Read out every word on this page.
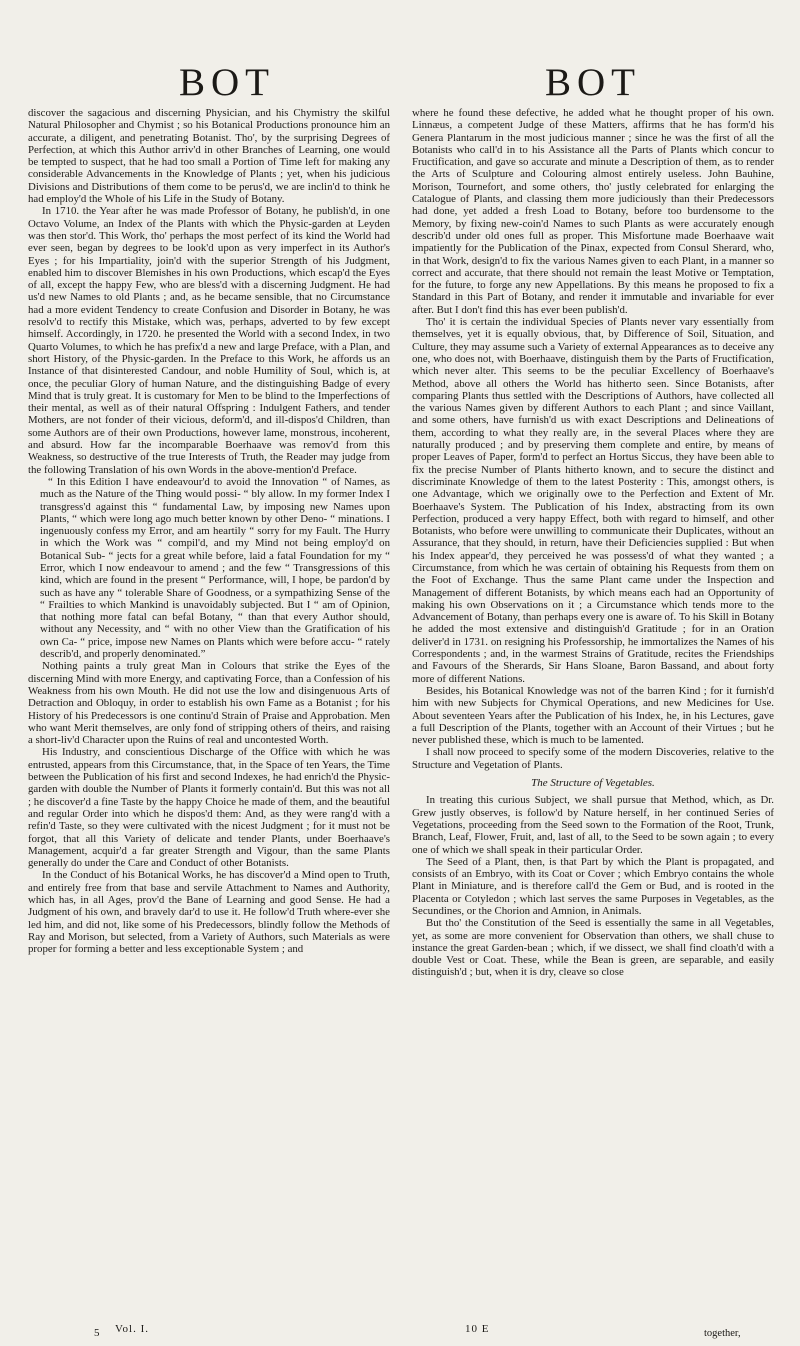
BOT	BOT

discover the sagacious and discerning Physician, and his Chymistry the skilful Natural Philosopher and Chymist ; so his Botanical Productions pronounce him an accurate, a diligent, and penetrating Botanist. Tho', by the surprising Degrees of Perfection, at which this Author arriv'd in other Branches of Learning, one would be tempted to suspect, that he had too small a Portion of Time left for making any considerable Advancements in the Knowledge of Plants ; yet, when his judicious Divisions and Distributions of them come to be perus'd, we are inclin'd to think he had employ'd the Whole of his Life in the Study of Botany.

In 1710. the Year after he was made Professor of Botany, he publish'd, in one Octavo Volume, an Index of the Plants with which the Physic-garden at Leyden was then stor'd. This Work, tho' perhaps the most perfect of its kind the World had ever seen, began by degrees to be look'd upon as very imperfect in its Author's Eyes ; for his Impartiality, join'd with the superior Strength of his Judgment, enabled him to discover Blemishes in his own Productions, which escap'd the Eyes of all, except the happy Few, who are bless'd with a discerning Judgment. He had us'd new Names to old Plants ; and, as he became sensible, that no Circumstance had a more evident Tendency to create Confusion and Disorder in Botany, he was resolv'd to rectify this Mistake, which was, perhaps, adverted to by few except himself. Accordingly, in 1720. he presented the World with a second Index, in two Quarto Volumes, to which he has prefix'd a new and large Preface, with a Plan, and short History, of the Physic-garden. In the Preface to this Work, he affords us an Instance of that disinterested Candour, and noble Humility of Soul, which is, at once, the peculiar Glory of human Nature, and the distinguishing Badge of every Mind that is truly great. It is customary for Men to be blind to the Imperfections of their mental, as well as of their natural Offspring : Indulgent Fathers, and tender Mothers, are not fonder of their vicious, deform'd, and ill-dispos'd Children, than some Authors are of their own Productions, however lame, monstrous, incoherent, and absurd. How far the incomparable Boerhaave was remov'd from this Weakness, so destructive of the true Interests of Truth, the Reader may judge from the following Translation of his own Words in the above-mention'd Preface.

“ In this Edition I have endeavour'd to avoid the Innovation “ of Names, as much as the Nature of the Thing would possi- “ bly allow. In my former Index I transgress'd against this “ fundamental Law, by imposing new Names upon Plants, “ which were long ago much better known by other Deno- “ minations. I ingenuously confess my Error, and am heartily “ sorry for my Fault. The Hurry in which the Work was “ compil'd, and my Mind not being employ'd on Botanical Sub- “ jects for a great while before, laid a fatal Foundation for my “ Error, which I now endeavour to amend ; and the few “ Transgressions of this kind, which are found in the present “ Performance, will, I hope, be pardon'd by such as have any “ tolerable Share of Goodness, or a sympathizing Sense of the “ Frailties to which Mankind is unavoidably subjected. But I “ am of Opinion, that nothing more fatal can befal Botany, “ than that every Author should, without any Necessity, and “ with no other View than the Gratification of his own Ca- “ price, impose new Names on Plants which were before accu- “ rately describ'd, and properly denominated.”

Nothing paints a truly great Man in Colours that strike the Eyes of the discerning Mind with more Energy, and captivating Force, than a Confession of his Weakness from his own Mouth. He did not use the low and disingenuous Arts of Detraction and Obloquy, in order to establish his own Fame as a Botanist ; for his History of his Predecessors is one continu'd Strain of Praise and Approbation. Men who want Merit themselves, are only fond of stripping others of theirs, and raising a short-liv'd Character upon the Ruins of real and uncontested Worth.

His Industry, and conscientious Discharge of the Office with which he was entrusted, appears from this Circumstance, that, in the Space of ten Years, the Time between the Publication of his first and second Indexes, he had enrich'd the Physic-garden with double the Number of Plants it formerly contain'd. But this was not all ; he discover'd a fine Taste by the happy Choice he made of them, and the beautiful and regular Order into which he dispos'd them: And, as they were rang'd with a refin'd Taste, so they were cultivated with the nicest Judgment ; for it must not be forgot, that all this Variety of delicate and tender Plants, under Boerhaave's Management, acquir'd a far greater Strength and Vigour, than the same Plants generally do under the Care and Conduct of other Botanists.

In the Conduct of his Botanical Works, he has discover'd a Mind open to Truth, and entirely free from that base and servile Attachment to Names and Authority, which has, in all Ages, prov'd the Bane of Learning and good Sense. He had a Judgment of his own, and bravely dar'd to use it. He follow'd Truth where-ever she led him, and did not, like some of his Predecessors, blindly follow the Methods of Ray and Morison, but selected, from a Variety of Authors, such Materials as were proper for forming a better and less exceptionable System ; and

where he found these defective, he added what he thought proper of his own. Linnæus, a competent Judge of these Matters, affirms that he has form'd his Genera Plantarum in the most judicious manner ; since he was the first of all the Botanists who call'd in to his Assistance all the Parts of Plants which concur to Fructification, and gave so accurate and minute a Description of them, as to render the Arts of Sculpture and Colouring almost entirely useless. John Bauhine, Morison, Tournefort, and some others, tho' justly celebrated for enlarging the Catalogue of Plants, and classing them more judiciously than their Predecessors had done, yet added a fresh Load to Botany, before too burdensome to the Memory, by fixing new-coin'd Names to such Plants as were accurately enough describ'd under old ones full as proper. This Misfortune made Boerhaave wait impatiently for the Publication of the Pinax, expected from Consul Sherard, who, in that Work, design'd to fix the various Names given to each Plant, in a manner so correct and accurate, that there should not remain the least Motive or Temptation, for the future, to forge any new Appellations. By this means he proposed to fix a Standard in this Part of Botany, and render it immutable and invariable for ever after. But I don't find this has ever been publish'd.

Tho' it is certain the individual Species of Plants never vary essentially from themselves, yet it is equally obvious, that, by Difference of Soil, Situation, and Culture, they may assume such a Variety of external Appearances as to deceive any one, who does not, with Boerhaave, distinguish them by the Parts of Fructification, which never alter. This seems to be the peculiar Excellency of Boerhaave's Method, above all others the World has hitherto seen. Since Botanists, after comparing Plants thus settled with the Descriptions of Authors, have collected all the various Names given by different Authors to each Plant ; and since Vaillant, and some others, have furnish'd us with exact Descriptions and Delineations of them, according to what they really are, in the several Places where they are naturally produced ; and by preserving them complete and entire, by means of proper Leaves of Paper, form'd to perfect an Hortus Siccus, they have been able to fix the precise Number of Plants hitherto known, and to secure the distinct and discriminate Knowledge of them to the latest Posterity : This, amongst others, is one Advantage, which we originally owe to the Perfection and Extent of Mr. Boerhaave's System. The Publication of his Index, abstracting from its own Perfection, produced a very happy Effect, both with regard to himself, and other Botanists, who before were unwilling to communicate their Duplicates, without an Assurance, that they should, in return, have their Deficiencies supplied : But when his Index appear'd, they perceived he was possess'd of what they wanted ; a Circumstance, from which he was certain of obtaining his Requests from them on the Foot of Exchange. Thus the same Plant came under the Inspection and Management of different Botanists, by which means each had an Opportunity of making his own Observations on it ; a Circumstance which tends more to the Advancement of Botany, than perhaps every one is aware of. To his Skill in Botany he added the most extensive and distinguish'd Gratitude ; for in an Oration deliver'd in 1731. on resigning his Professorship, he immortalizes the Names of his Correspondents ; and, in the warmest Strains of Gratitude, recites the Friendships and Favours of the Sherards, Sir Hans Sloane, Baron Bassand, and about forty more of different Nations.

Besides, his Botanical Knowledge was not of the barren Kind ; for it furnish'd him with new Subjects for Chymical Operations, and new Medicines for Use. About seventeen Years after the Publication of his Index, he, in his Lectures, gave a full Description of the Plants, together with an Account of their Virtues ; but he never published these, which is much to be lamented.

I shall now proceed to specify some of the modern Discoveries, relative to the Structure and Vegetation of Plants.

The Structure of Vegetables.

In treating this curious Subject, we shall pursue that Method, which, as Dr. Grew justly observes, is follow'd by Nature herself, in her continued Series of Vegetations, proceeding from the Seed sown to the Formation of the Root, Trunk, Branch, Leaf, Flower, Fruit, and, last of all, to the Seed to be sown again ; to every one of which we shall speak in their particular Order.

The Seed of a Plant, then, is that Part by which the Plant is propagated, and consists of an Embryo, with its Coat or Cover ; which Embryo contains the whole Plant in Miniature, and is therefore call'd the Gem or Bud, and is rooted in the Placenta or Cotyledon ; which last serves the same Purposes in Vegetables, as the Secundines, or the Chorion and Amnion, in Animals.

But tho' the Constitution of the Seed is essentially the same in all Vegetables, yet, as some are more convenient for Observation than others, we shall chuse to instance the great Garden-bean ; which, if we dissect, we shall find cloath'd with a double Vest or Coat. These, while the Bean is green, are separable, and easily distinguish'd ; but, when it is dry, cleave so close

5 Vol. I.	10 E	together,
